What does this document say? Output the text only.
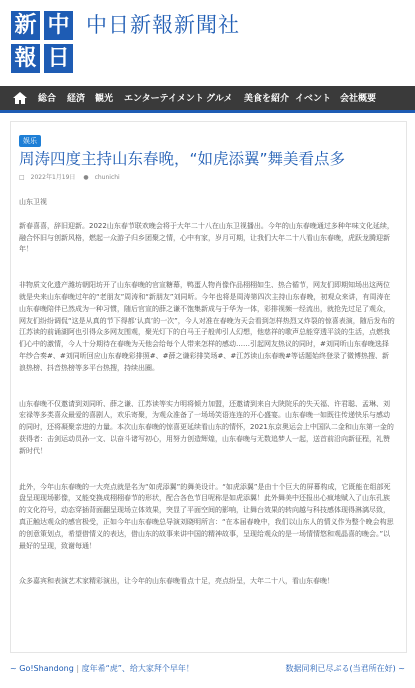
新 中
報 日
中日新報新聞社
総合 経済 観光 エンターテイメント グルメ 美食を紹介 イベント 会社概要
娱乐
周涛四度主持山东春晚，“如虎添翼”舞美看点多
□ 2022年1月19日 ● chunichi

山东卫视

新春喜喜，辞旧迎新。2022山东春节联欢晚会将于大年二十八在山东卫视播出。今年的山东春晚通过多种年味文化延续，融合怀旧与创新风格，燃起一众游子归乡团聚之情，心中有家，岁月可期，让我们大年二十八看山东春晚，虎跃龙腾迎新年！

非物质文化遗产潍坊朝阳坊开了山东春晚的官宣糖幕，鸭蛋人物肖像作品栩栩如生、热合循节，网友们即期知场出这两位就是央来山东春晚过年的“老朋友”周涛和“新朋友”刘同昕。今年也将是周涛第四次主持山东春晚，初观众来讲，有周涛在山东春晚陪伴已然成为一种习惯，随后官宣的薛之谦不饱集新成与于华为一体，彩排视频一经流出，就抢先过足了观众，网友们纷纷调侃“这是从真的节下得都‘认真’的一次”，今人对准在春晚为天会看到怎样热烈又炸裂的惊喜表演，随后发布的江苏读的前诵湖阿也引得众多网友围观，聚光灯下的白马王子般帅引人幻想，他慈祥的歌声总能穿透平淡的生活，点燃我们心中的激情，今人十分期待在春晚为天他会给每个人带来怎样的感动……引起网友热议的同时，#刘同昕山东春晚选择年纱合奏#、#刘同昕回应山东春晚彩排照#、#薛之谦彩排笑场#、#江苏读山东春晚#等话题始终登录了微博热搜、新浪热榜、抖音热榜等多平台热搜，持续出圈。

山东春晚不仅邀请到刘同昕、薛之谦、江苏读等实力明将倾力加盟，还邀请到来自大陕院乐的失天福、许君聪、孟琳、刘宏禄等多类喜众最爱的喜剧人，欢乐寄聚，为观众准备了一场场笑语连连的开心盛宴。山东春晚一如既往传递快乐与感动的同时，还将凝聚亲进的力量。本次山东春晚的惊喜更延续看山东的情怀，2021东京奥运会上中国队二金和山东第一金的获得者：击剑运动员孙一文、以奋斗诸写初心，用努力创造辉煌，山东春晚与无数追梦人一起，送首前沿向新征程，礼赞新时代！

此外，今年山东春晚的一大亮点就是名为“如虎添翼”的舞美设计。“如虎添翼”是由十个巨大的屏幕构成，它既能在组部死盘呈现现场影像，又能变换成栩栩春节的形状，配合各色节目呢称是如虎添翼！此外舞美中还报出心疯地赋入了山东孔族的文化符号，动态穿插背面翻呈现场立体效果，突显了平面空间的影响，让舞台效果的转向越与科技感体现得淋漓尽致，真正触达观众的感官极受，正如今年山东春晚总导演刘晓明所言：“在本届春晚中，我们以山东人的情义作为整个晚会构思的创意策划点，希望借情义的表达，借山东的故事来讲中国的精神故事，呈现给观众的是一场情情悠和观晶喜的晚会。”以最好的呈现，致谢每通！

众多嘉宾和表演艺术家精彩演出，让今年的山东春晚看点十足，亮点纷呈，大年二十八，看山东春晚！

~ Go!Shandong | 度年希“虎”、给大家拜个早年！	数据同利已尽ぶる(当君所在好) ~
